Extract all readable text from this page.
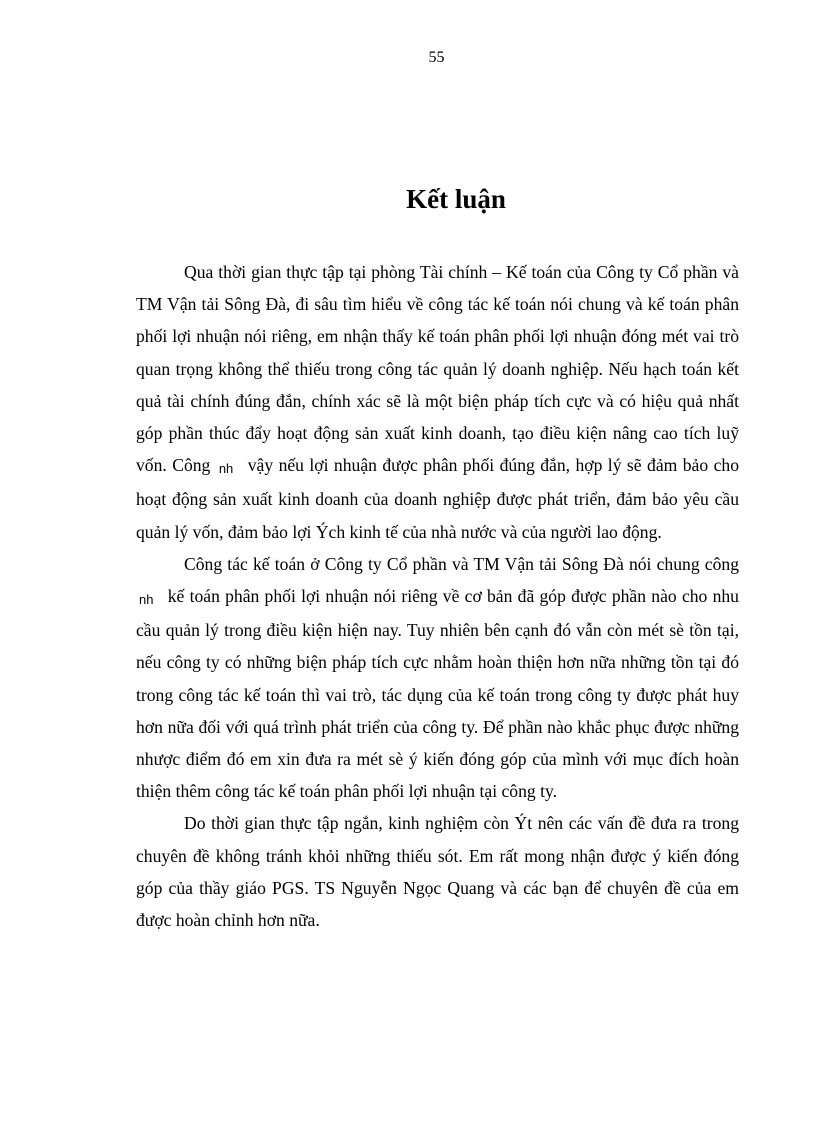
55
Kết luận

Qua thời gian thực tập tại phòng Tài chính – Kế toán của Công ty Cổ phần và TM Vận tải Sông Đà, đi sâu tìm hiểu về công tác kế toán nói chung và kế toán phân phối lợi nhuận nói riêng, em nhận thấy kế toán phân phối lợi nhuận đóng mét vai trò quan trọng không thể thiếu trong công tác quản lý doanh nghiệp. Nếu hạch toán kết quả tài chính đúng đắn, chính xác sẽ là một biện pháp tích cực và có hiệu quả nhất góp phần thúc đẩy hoạt động sản xuất kinh doanh, tạo điều kiện nâng cao tích luỹ vốn. Công nh vậy nếu lợi nhuận được phân phối đúng đắn, hợp lý sẽ đảm bảo cho hoạt động sản xuất kinh doanh của doanh nghiệp được phát triển, đảm bảo yêu cầu quản lý vốn, đảm bảo lợi Ých kinh tế của nhà nước và của người lao động.

Công tác kế toán ở Công ty Cổ phần và TM Vận tải Sông Đà nói chung công nh kế toán phân phối lợi nhuận nói riêng về cơ bản đã góp được phần nào cho nhu cầu quản lý trong điều kiện hiện nay. Tuy nhiên bên cạnh đó vẫn còn mét sè tồn tại, nếu công ty có những biện pháp tích cực nhằm hoàn thiện hơn nữa những tồn tại đó trong công tác kế toán thì vai trò, tác dụng của kế toán trong công ty được phát huy hơn nữa đối với quá trình phát triển của công ty. Để phần nào khắc phục được những nhược điểm đó em xin đưa ra mét sè ý kiến đóng góp của mình với mục đích hoàn thiện thêm công tác kế toán phân phối lợi nhuận tại công ty.

Do thời gian thực tập ngắn, kinh nghiệm còn Ýt nên các vấn đề đưa ra trong chuyên đề không tránh khỏi những thiếu sót. Em rất mong nhận được ý kiến đóng góp của thầy giáo PGS. TS Nguyễn Ngọc Quang và các bạn để chuyên đề của em được hoàn chỉnh hơn nữa.
